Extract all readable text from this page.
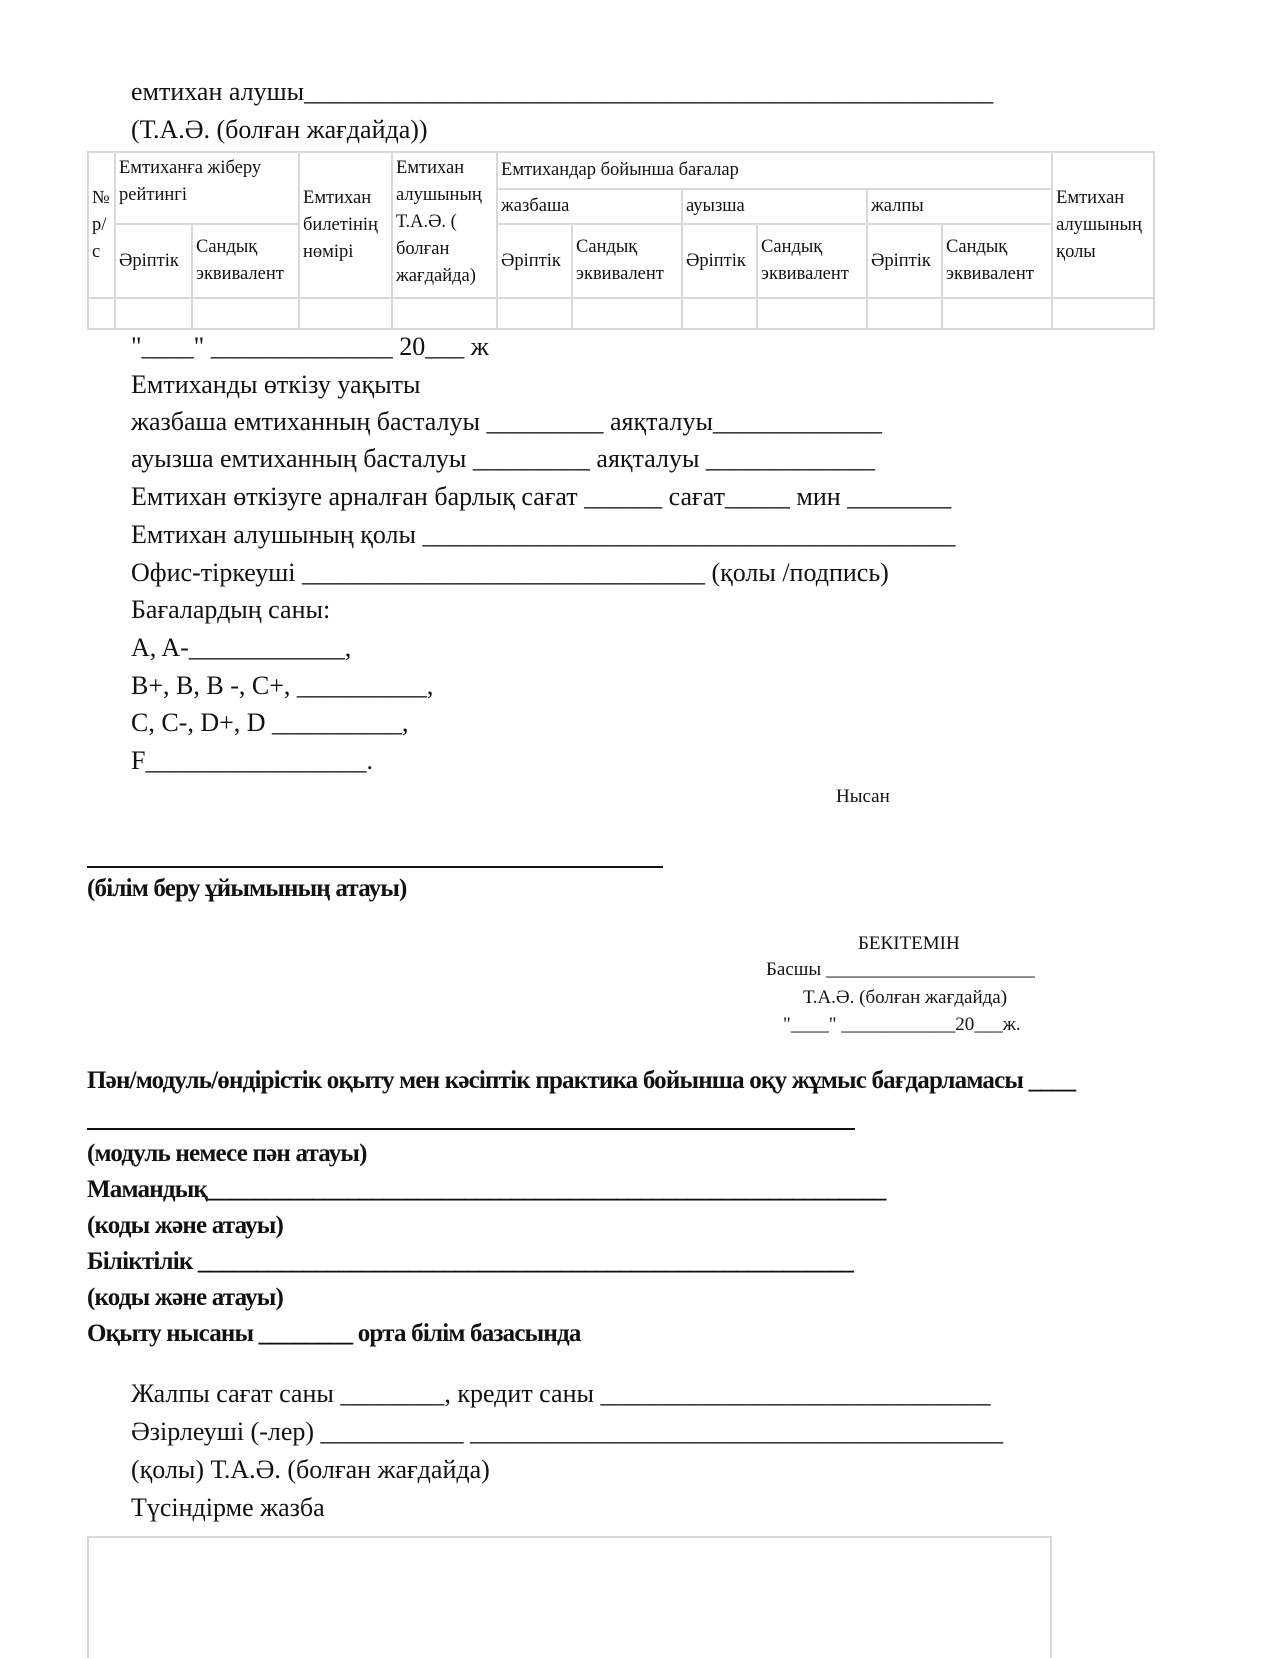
емтихан алушы_____________________________________________________
(Т.А.Ә. (болған жағдайда))
№ р/с	Емтиханға жіберу рейтингі		Емтихан билетінің нөмірі	Емтихан алушының Т.А.Ә. ( болған жағдайда)	Емтихандар бойынша бағалар						Емтихан алушының қолы
					жазбаша		ауызша		жалпы		
	Әріптік	Сандық эквивалент			Әріптік	Сандық эквивалент	Әріптік	Сандық эквивалент	Әріптік	Сандық эквивалент	

"____" ______________ 20___ ж
Емтиханды өткізу уақыты
жазбаша емтиханның басталуы _________ аяқталуы_____________
ауызша емтиханның басталуы _________ аяқталуы _____________
Емтихан өткізуге арналған барлық сағат ______ сағат_____ мин ________
Емтихан алушының қолы _________________________________________
Офис-тіркеуші _______________________________ (қолы /подпись)
Бағалардың саны:
A, A-____________,
B+, B, B -, C+, __________,
C, C-, D+, D __________,
F_________________.
Нысан
(білім беру ұйымының атауы)
БЕКІТЕМІН
Басшы ______________________
Т.А.Ә. (болған жағдайда)
"____" ____________20___ж.
Пән/модуль/өндірістік оқыту мен кәсіптік практика бойынша оқу жұмыс бағдарламасы ____
(модуль немесе пән атауы)
Мамандық__________________________________________________________
(коды және атауы)
Біліктілік ________________________________________________________
(коды және атауы)
Оқыту нысаны ________ орта білім базасында
Жалпы сағат саны ________, кредит саны ______________________________
Әзірлеуші (-лер) ___________ _________________________________________
(қолы) Т.А.Ә. (болған жағдайда)
Түсіндірме жазба
